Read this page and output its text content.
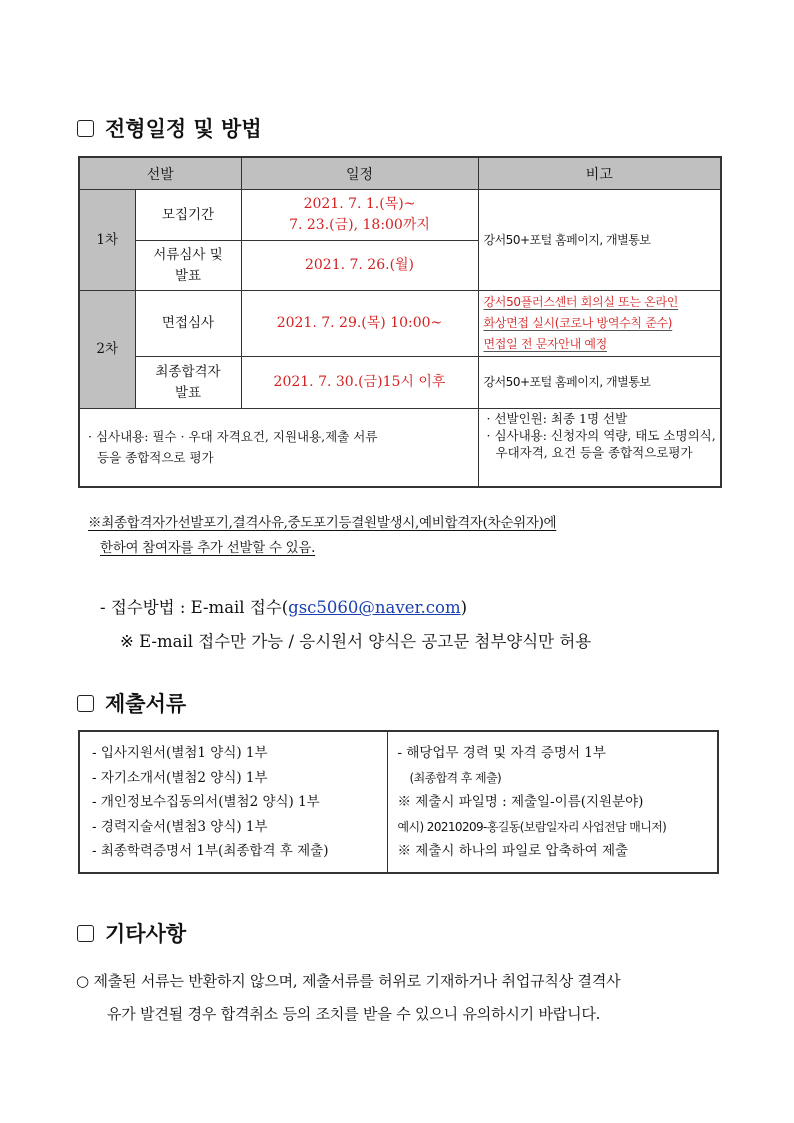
전형일정 및 방법
선발		일정	비고
1차	모집기간	2021. 7. 1.(목)~
7. 23.(금), 18:00까지	강서50+포털 홈페이지, 개별통보

	서류심사 및
발표	2021. 7. 26.(월)	
2차	면접심사	2021. 7. 29.(목) 10:00~	강서50플러스센터 회의실 또는 온라인
화상면접 실시(코로나 방역수칙 준수)
면접일 전 문자안내 예정

	최종합격자
발표	2021. 7. 30.(금)15시 이후	강서50+포털 홈페이지, 개별통보

· 심사내용: 필수 · 우대 자격요건, 지원내용,제출 서류
등을 종합적으로 평가

· 선발인원: 최종 1명 선발
· 심사내용: 신청자의 역량, 태도 소명의식,우대자격, 요건 등을 종합적으로평가
※최종합격자가선발포기,결격사유,중도포기등결원발생시,예비합격자(차순위자)에
한하여 참여자를 추가 선발할 수 있음.
- 접수방법 : E-mail 접수(gsc5060@naver.com)
※ E-mail 접수만 가능 / 응시원서 양식은 공고문 첨부양식만 허용
제출서류
- 입사지원서(별첨1 양식) 1부
- 자기소개서(별첨2 양식) 1부
- 개인정보수집동의서(별첨2 양식) 1부
- 경력지술서(별첨3 양식) 1부
- 최종학력증명서 1부(최종합격 후 제출)

- 해당업무 경력 및 자격 증명서 1부
(최종합격 후 제출)
※ 제출시 파일명 : 제출일-이름(지원분야)
예시) 20210209-홍길동(보람일자리 사업전담 매니저)
※ 제출시 하나의 파일로 압축하여 제출
기타사항
○ 제출된 서류는 반환하지 않으며, 제출서류를 허위로 기재하거나 취업규칙상 결격사
유가 발견될 경우 합격취소 등의 조치를 받을 수 있으니 유의하시기 바랍니다.
